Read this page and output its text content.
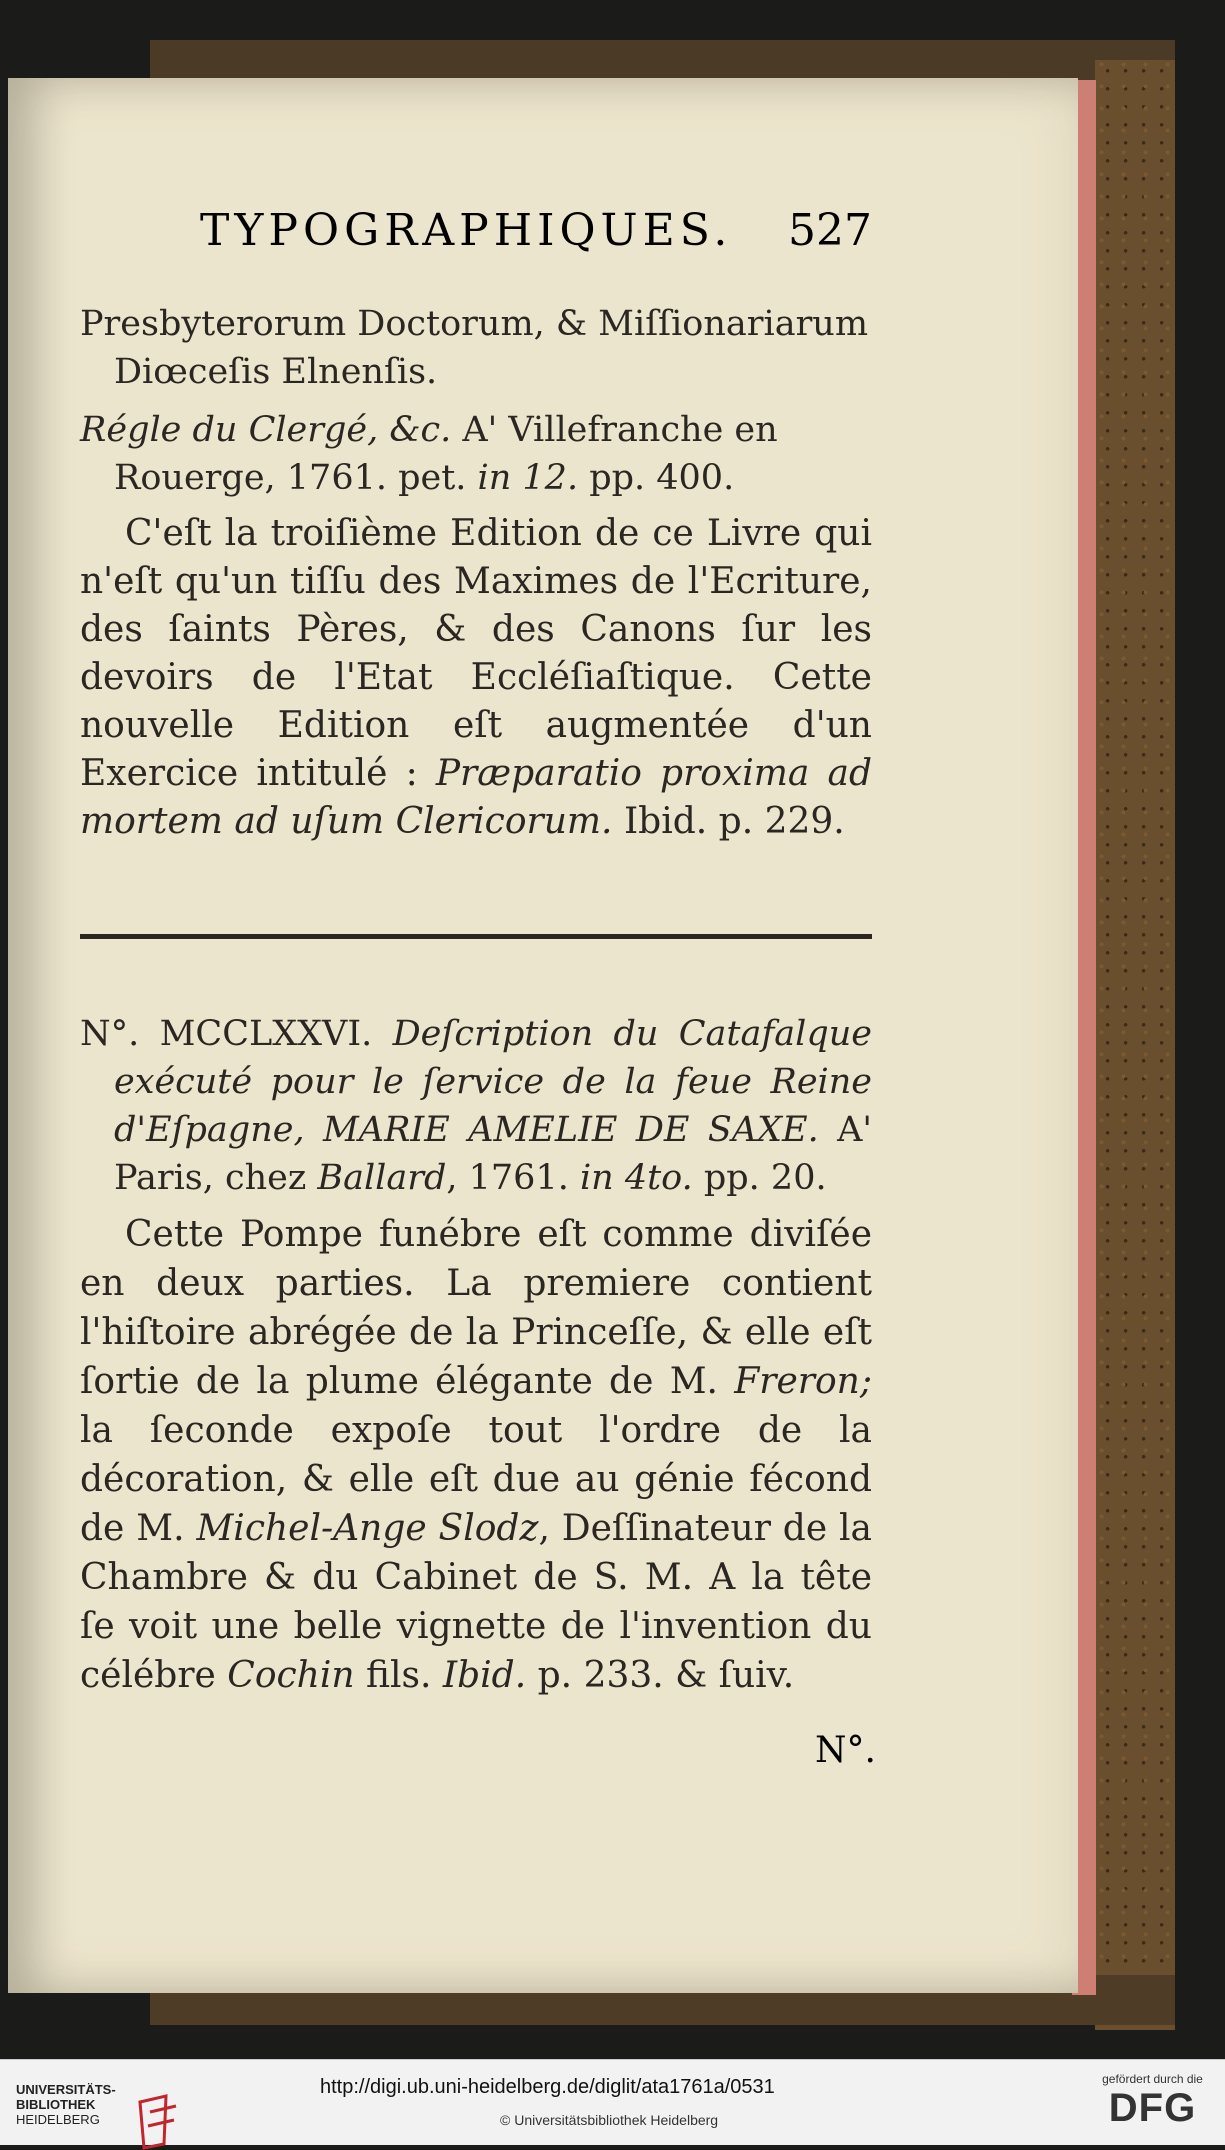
TYPOGRAPHIQUES. 527

Presbyterorum Doctorum, & Miſſionariarum Diœceſis Elnenſis.

Régle du Clergé, &c. A' Villefranche en Rouerge, 1761. pet. in 12. pp. 400.

C'eſt la troiſième Edition de ce Livre qui n'eſt qu'un tiſſu des Maximes de l'Ecriture, des ſaints Pères, & des Canons ſur les devoirs de l'Etat Eccléſiaſtique. Cette nouvelle Edition eſt augmentée d'un Exercice intitulé : Præparatio proxima ad mortem ad uſum Clericorum. Ibid. p. 229.

N°. MCCLXXVI. Deſcription du Catafalque exécuté pour le ſervice de la feue Reine d'Eſpagne, MARIE AMELIE DE SAXE. A' Paris, chez Ballard, 1761. in 4to. pp. 20.

Cette Pompe funébre eſt comme diviſée en deux parties. La premiere contient l'hiſtoire abrégée de la Princeſſe, & elle eſt ſortie de la plume élégante de M. Freron; la ſeconde expoſe tout l'ordre de la décoration, & elle eſt due au génie fécond de M. Michel-Ange Slodz, Deſſinateur de la Chambre & du Cabinet de S. M. A la tête ſe voit une belle vignette de l'invention du célébre Cochin fils. Ibid. p. 233. & ſuiv.

N°.
UNIVERSITÄTS-
BIBLIOTHEK
HEIDELBERG
http://digi.ub.uni-heidelberg.de/diglit/ata1761a/0531
© Universitätsbibliothek Heidelberg
gefördert durch die
DFG
